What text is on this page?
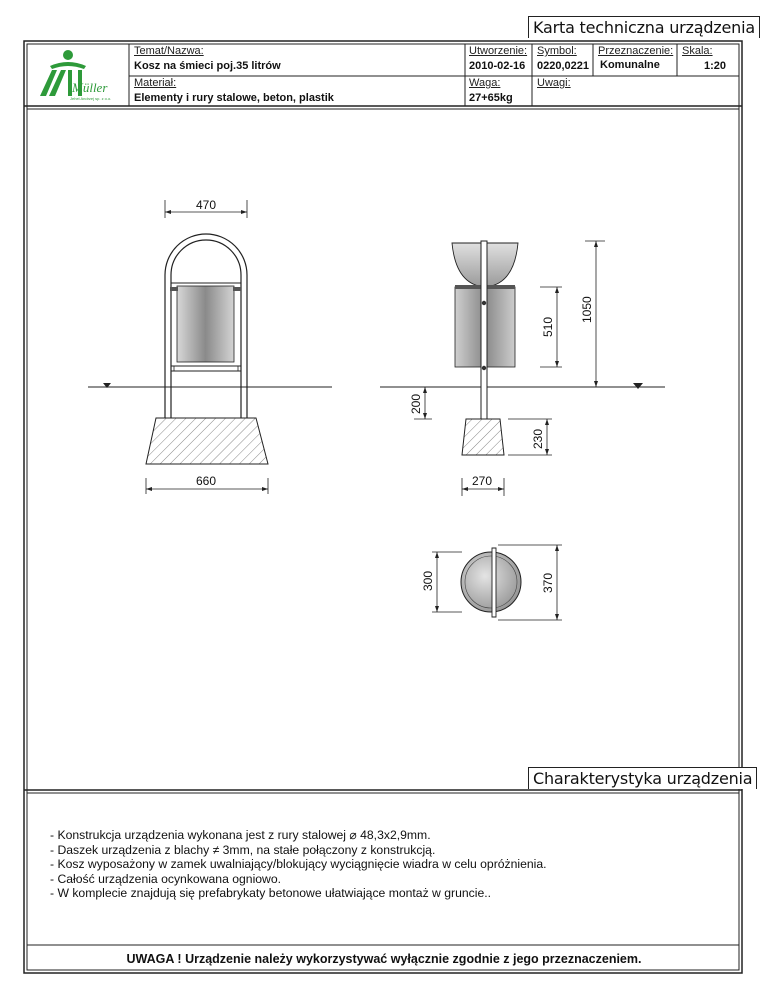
Karta techniczna urządzenia
Charakterystyka urządzenia
Müller
Jehel Andrzej sp. z o.o.
Temat/Nazwa:
Kosz na śmieci poj.35 litrów
Materiał:
Elementy i rury stalowe, beton, plastik
Utworzenie:
2010-02-16
Waga:
27+65kg
Symbol:
0220,0221
Przeznaczenie:
Komunalne
Skala:
1:20
Uwagi:
470
660
200
510
1050
230
270
300	370
- Konstrukcja urządzenia wykonana jest z rury stalowej ⌀ 48,3x2,9mm.
- Daszek urządzenia z blachy ≠ 3mm, na stałe połączony z konstrukcją.
- Kosz wyposażony w zamek uwalniający/blokujący wyciągnięcie wiadra w celu opróżnienia.
- Całość urządzenia ocynkowana ogniowo.
- W komplecie znajdują się prefabrykaty betonowe ułatwiające montaż w gruncie..
UWAGA ! Urządzenie należy wykorzystywać wyłącznie zgodnie z jego przeznaczeniem.
